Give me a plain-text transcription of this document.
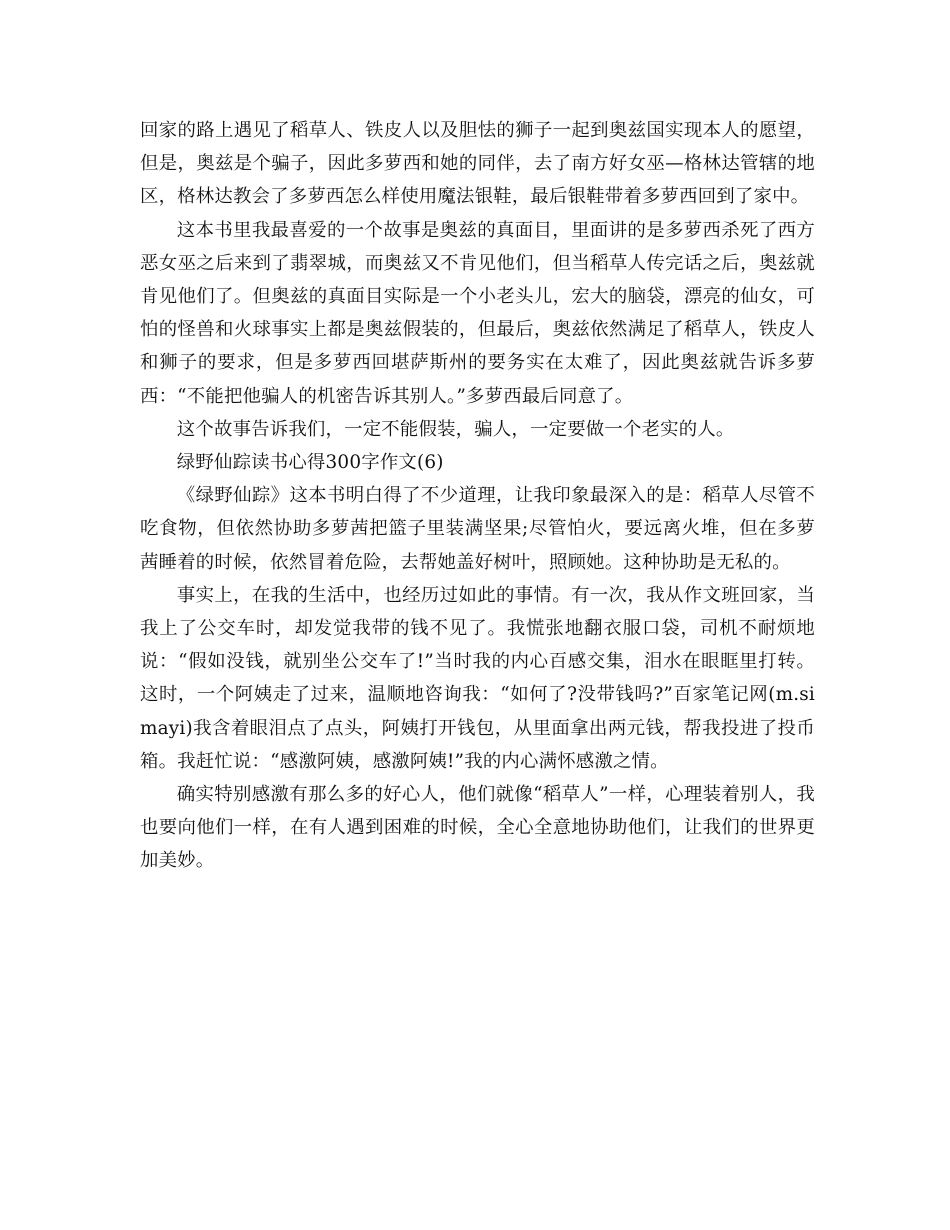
回家的路上遇见了稻草人、铁皮人以及胆怯的狮子一起到奥兹国实现本人的愿望，但是，奥兹是个骗子，因此多萝西和她的同伴，去了南方好女巫—格林达管辖的地区，格林达教会了多萝西怎么样使用魔法银鞋，最后银鞋带着多萝西回到了家中。

这本书里我最喜爱的一个故事是奥兹的真面目，里面讲的是多萝西杀死了西方恶女巫之后来到了翡翠城，而奥兹又不肯见他们，但当稻草人传完话之后，奥兹就肯见他们了。但奥兹的真面目实际是一个小老头儿，宏大的脑袋，漂亮的仙女，可怕的怪兽和火球事实上都是奥兹假装的，但最后，奥兹依然满足了稻草人，铁皮人和狮子的要求，但是多萝西回堪萨斯州的要务实在太难了，因此奥兹就告诉多萝西：“不能把他骗人的机密告诉其别人。”多萝西最后同意了。

这个故事告诉我们，一定不能假装，骗人，一定要做一个老实的人。

绿野仙踪读书心得300字作文(6)

《绿野仙踪》这本书明白得了不少道理，让我印象最深入的是：稻草人尽管不吃食物，但依然协助多萝茜把篮子里装满坚果;尽管怕火，要远离火堆，但在多萝茜睡着的时候，依然冒着危险，去帮她盖好树叶，照顾她。这种协助是无私的。

事实上，在我的生活中，也经历过如此的事情。有一次，我从作文班回家，当我上了公交车时，却发觉我带的钱不见了。我慌张地翻衣服口袋，司机不耐烦地说：“假如没钱，就别坐公交车了!”当时我的内心百感交集，泪水在眼眶里打转。这时，一个阿姨走了过来，温顺地咨询我：“如何了?没带钱吗?”百家笔记网(m.simayi)我含着眼泪点了点头，阿姨打开钱包，从里面拿出两元钱，帮我投进了投币箱。我赶忙说：“感激阿姨，感激阿姨!”我的内心满怀感激之情。

确实特别感激有那么多的好心人，他们就像“稻草人”一样，心理装着别人，我也要向他们一样，在有人遇到困难的时候，全心全意地协助他们，让我们的世界更加美妙。
